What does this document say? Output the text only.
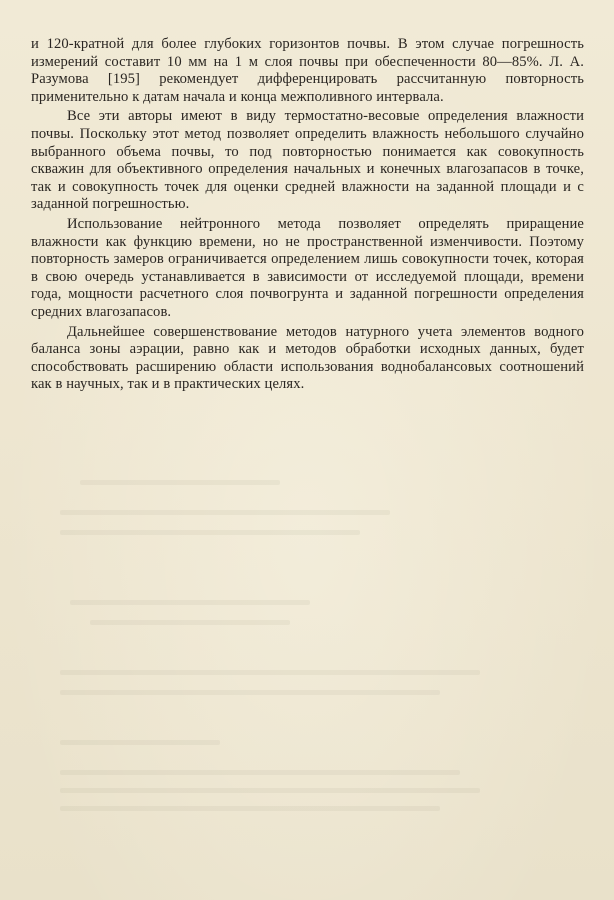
и 120-кратной для более глубоких горизонтов почвы. В этом случае погрешность измерений составит 10 мм на 1 м слоя почвы при обеспеченности 80—85%. Л. А. Разумова [195] рекомендует дифференцировать рассчитанную повторность применительно к датам начала и конца межполивного интервала.

Все эти авторы имеют в виду термостатно-весовые определения влажности почвы. Поскольку этот метод позволяет определить влажность небольшого случайно выбранного объема почвы, то под повторностью понимается как совокупность скважин для объективного определения начальных и конечных влагозапасов в точке, так и совокупность точек для оценки средней влажности на заданной площади и с заданной погрешностью.

Использование нейтронного метода позволяет определять приращение влажности как функцию времени, но не пространственной изменчивости. Поэтому повторность замеров ограничивается определением лишь совокупности точек, которая в свою очередь устанавливается в зависимости от исследуемой площади, времени года, мощности расчетного слоя почвогрунта и заданной погрешности определения средних влагозапасов.

Дальнейшее совершенствование методов натурного учета элементов водного баланса зоны аэрации, равно как и методов обработки исходных данных, будет способствовать расширению области использования воднобалансовых соотношений как в научных, так и в практических целях.
